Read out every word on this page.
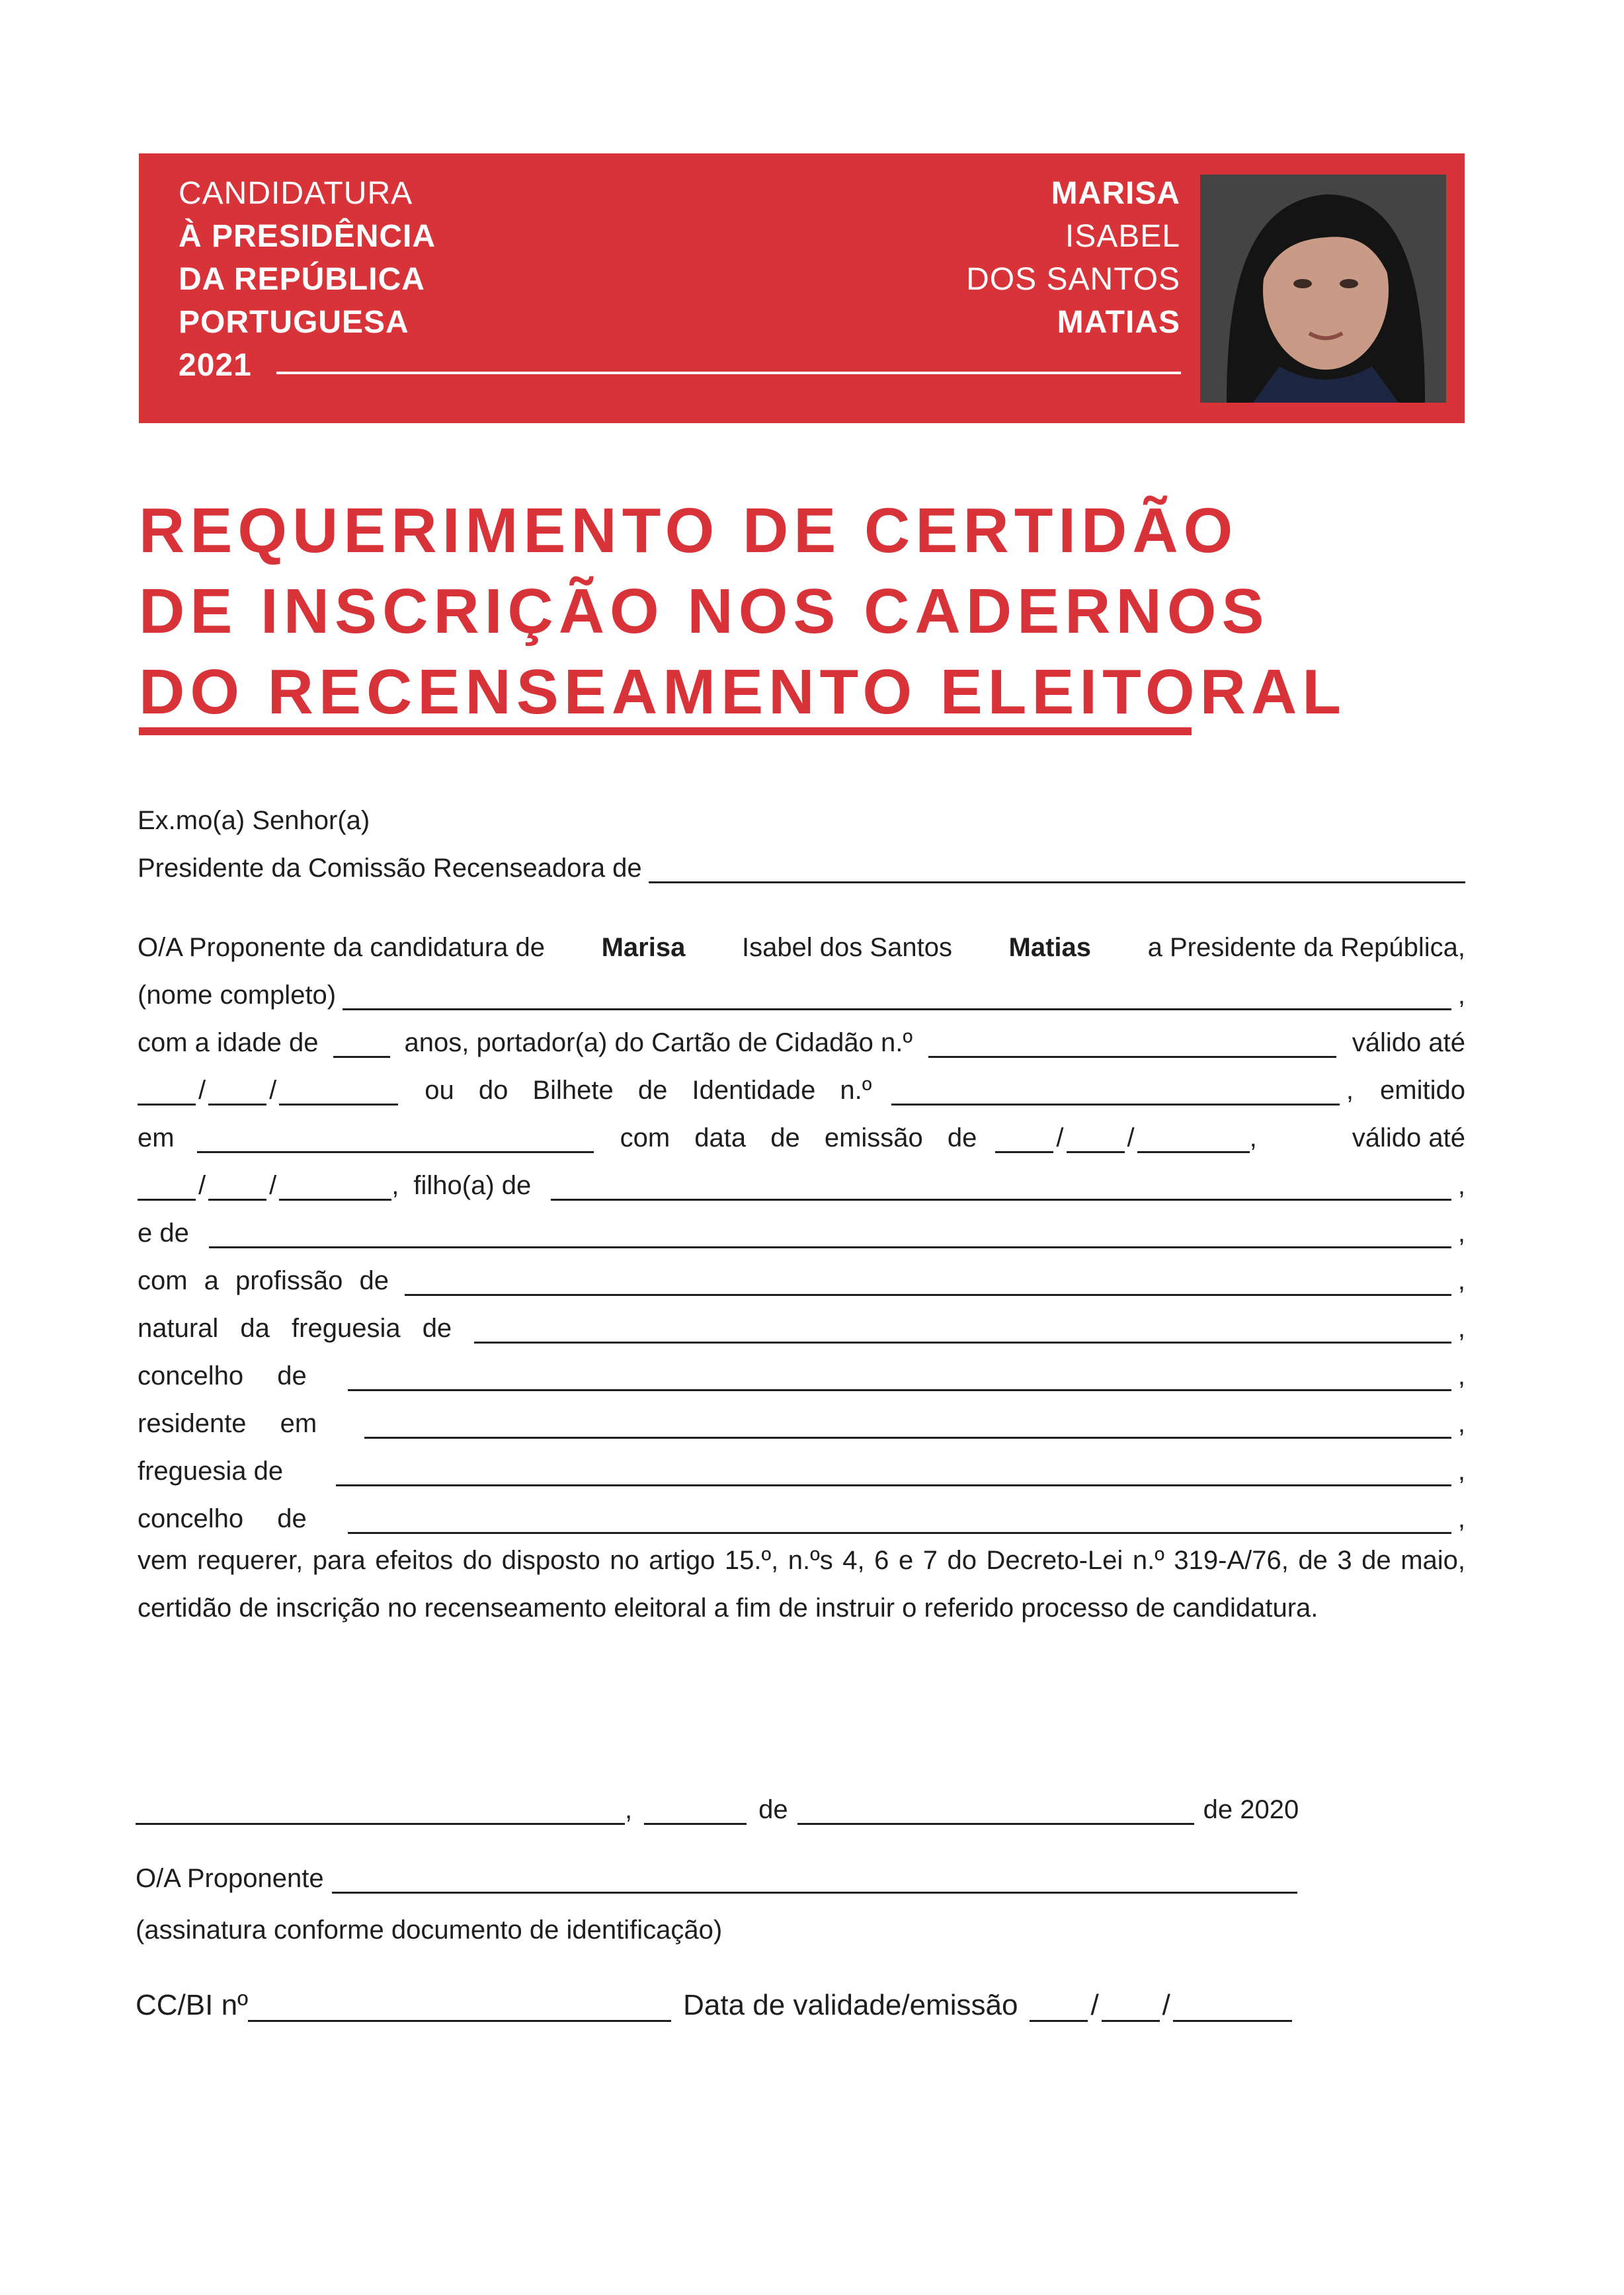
CANDIDATURA
À PRESIDÊNCIA
DA REPÚBLICA
PORTUGUESA
2021
MARISA
ISABEL
DOS SANTOS
MATIAS
REQUERIMENTO DE CERTIDÃO
DE INSCRIÇÃO NOS CADERNOS
DO RECENSEAMENTO ELEITORAL
Ex.mo(a) Senhor(a)
Presidente da Comissão Recenseadora de
O/A Proponente da candidatura de Marisa Isabel dos Santos Matias a Presidente da República,
(nome completo)	,
com a idade de	anos, portador(a) do Cartão de Cidadão n.º	válido até
/ /	ou do Bilhete de Identidade n.º	, emitido
em	com data de emissão de	/ /	,	válido até
/ /	, filho(a) de	,
e de	,
com a profissão de	,
natural da freguesia de	,
concelho de	,
residente em	,
freguesia de	,
concelho de	,

vem requerer, para efeitos do disposto no artigo 15.º, n.ºs 4, 6 e 7 do Decreto-Lei n.º 319-A/76, de 3 de maio, certidão de inscrição no recenseamento eleitoral a fim de instruir o referido processo de candidatura.

,	de	de 2020
O/A Proponente
(assinatura conforme documento de identificação)
CC/BI nº	Data de validade/emissão	/ /
